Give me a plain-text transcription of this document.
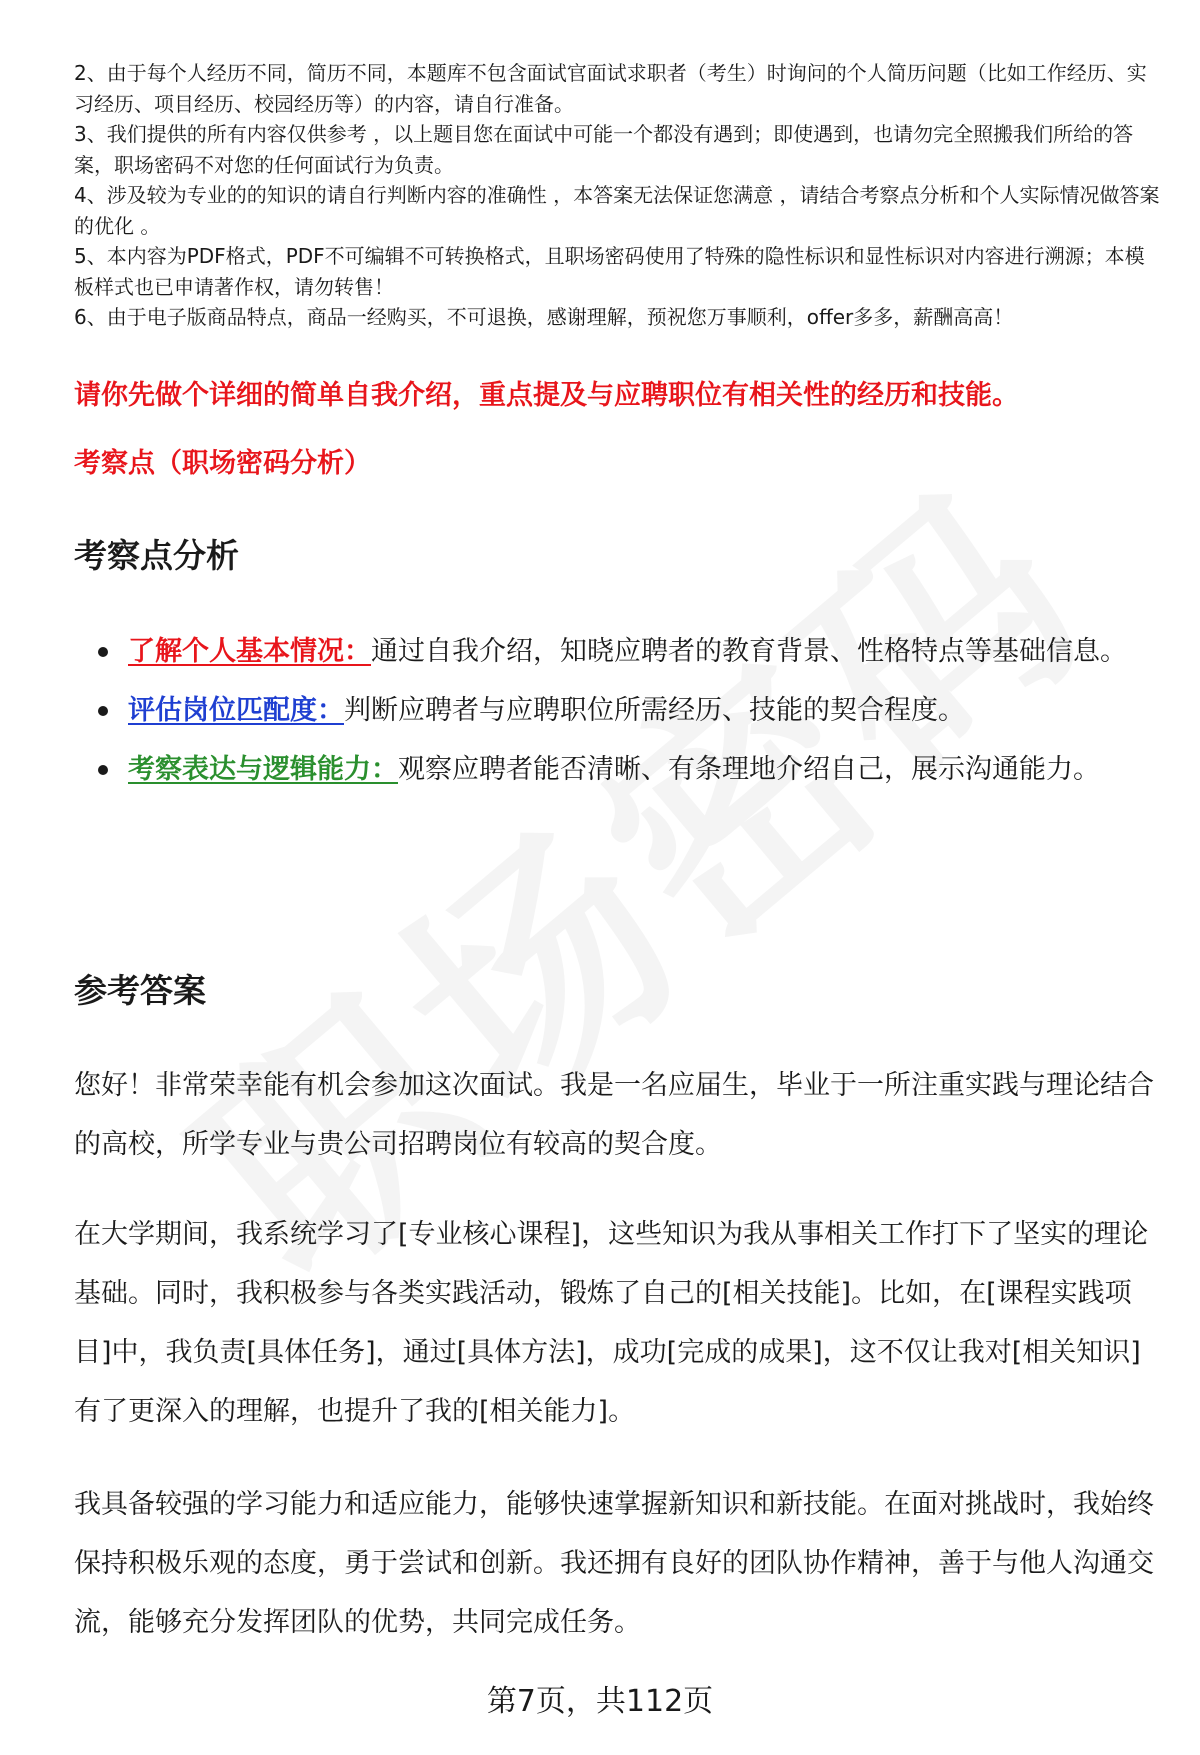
2、由于每个人经历不同，简历不同，本题库不包含面试官面试求职者（考生）时询问的个人简历问题（比如工作经历、实习经历、项目经历、校园经历等）的内容，请自行准备。

3、我们提供的所有内容仅供参考 ，以上题目您在面试中可能一个都没有遇到；即使遇到，也请勿完全照搬我们所给的答案，职场密码不对您的任何面试行为负责。

4、涉及较为专业的的知识的请自行判断内容的准确性 ，本答案无法保证您满意 ，请结合考察点分析和个人实际情况做答案的优化 。

5、本内容为PDF格式，PDF不可编辑不可转换格式，且职场密码使用了特殊的隐性标识和显性标识对内容进行溯源；本模板样式也已申请著作权，请勿转售！

6、由于电子版商品特点，商品一经购买，不可退换，感谢理解，预祝您万事顺利，offer多多，薪酬高高！

请你先做个详细的简单自我介绍，重点提及与应聘职位有相关性的经历和技能。
考察点（职场密码分析）
考察点分析
了解个人基本情况：通过自我介绍，知晓应聘者的教育背景、性格特点等基础信息。
评估岗位匹配度：判断应聘者与应聘职位所需经历、技能的契合程度。
考察表达与逻辑能力：观察应聘者能否清晰、有条理地介绍自己，展示沟通能力。
参考答案

您好！非常荣幸能有机会参加这次面试。我是一名应届生，毕业于一所注重实践与理论结合的高校，所学专业与贵公司招聘岗位有较高的契合度。

在大学期间，我系统学习了[专业核心课程]，这些知识为我从事相关工作打下了坚实的理论基础。同时，我积极参与各类实践活动，锻炼了自己的[相关技能]。比如，在[课程实践项目]中，我负责[具体任务]，通过[具体方法]，成功[完成的成果]，这不仅让我对[相关知识]有了更深入的理解，也提升了我的[相关能力]。

我具备较强的学习能力和适应能力，能够快速掌握新知识和新技能。在面对挑战时，我始终保持积极乐观的态度，勇于尝试和创新。我还拥有良好的团队协作精神，善于与他人沟通交流，能够充分发挥团队的优势，共同完成任务。

第7页，共112页
